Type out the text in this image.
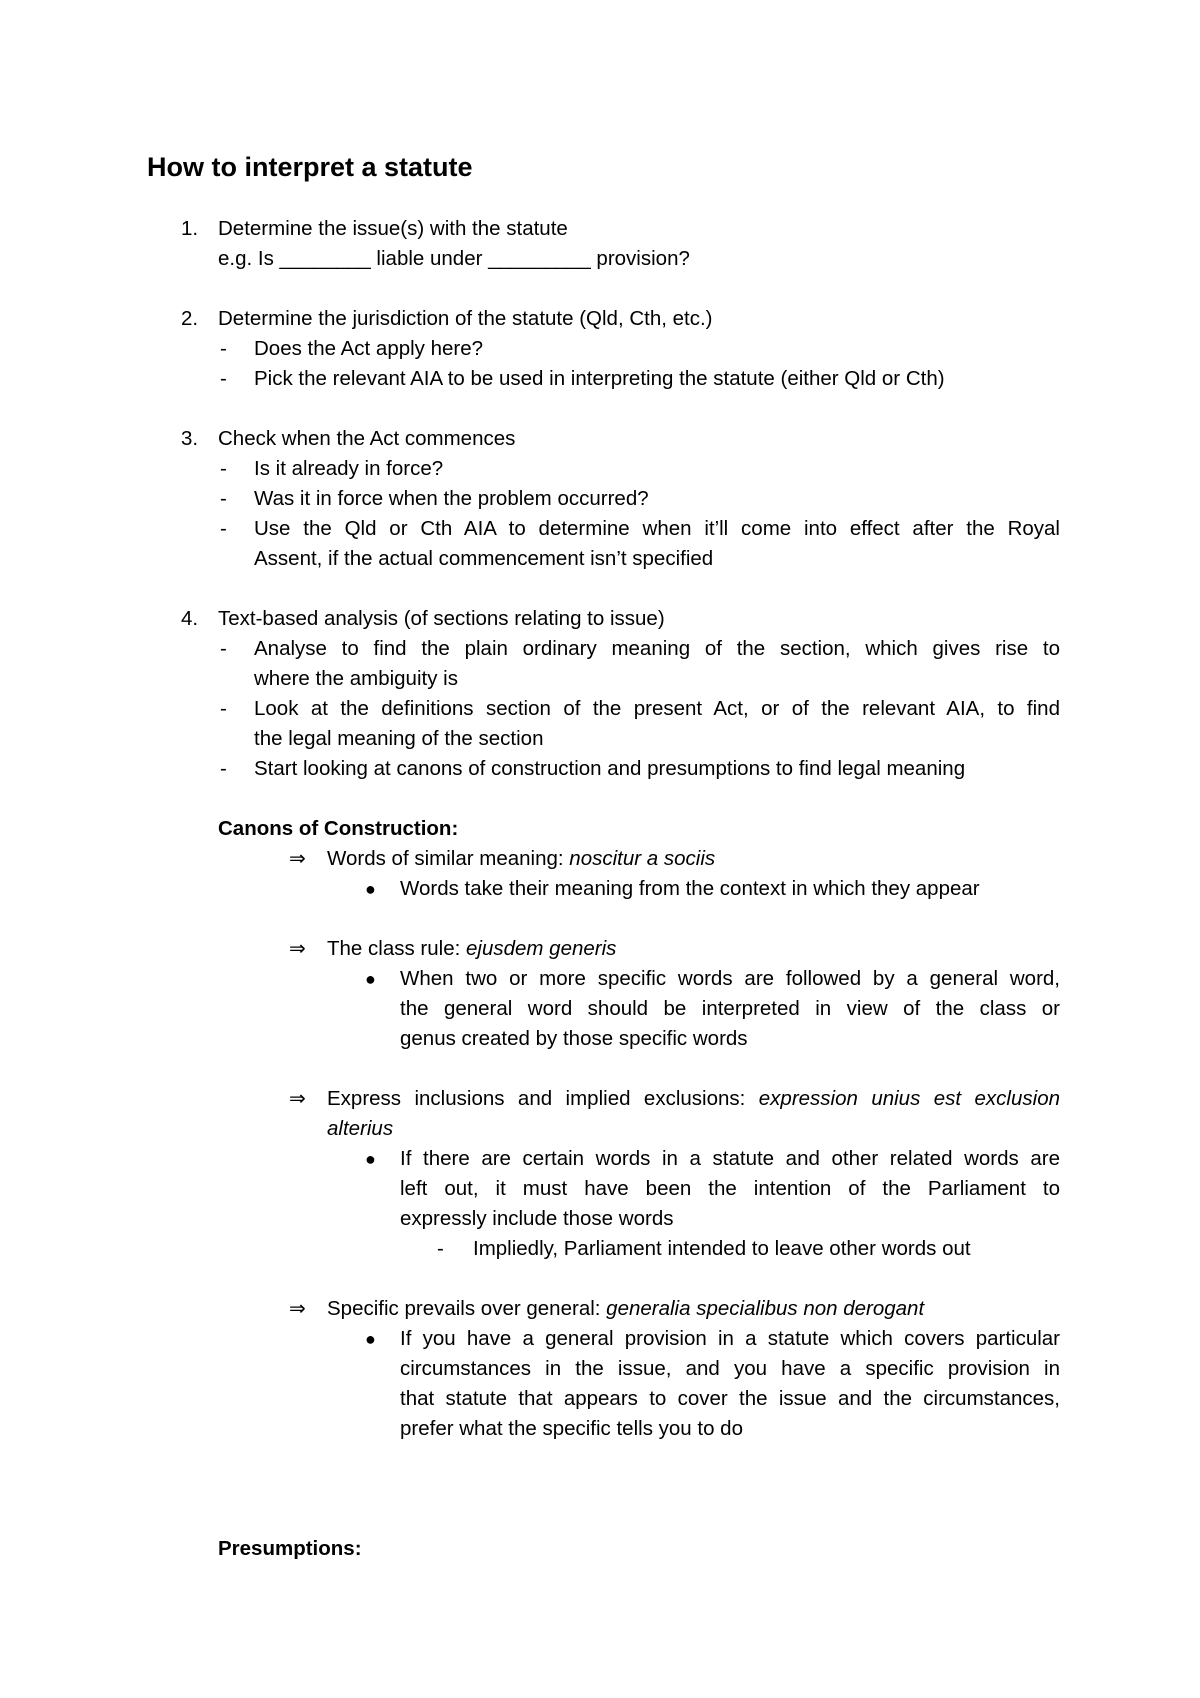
How to interpret a statute
1. Determine the issue(s) with the statute
e.g. Is ________ liable under _________ provision?
2. Determine the jurisdiction of the statute (Qld, Cth, etc.)
- Does the Act apply here?
- Pick the relevant AIA to be used in interpreting the statute (either Qld or Cth)
3. Check when the Act commences
- Is it already in force?
- Was it in force when the problem occurred?
- Use the Qld or Cth AIA to determine when it’ll come into effect after the Royal
Assent, if the actual commencement isn’t specified
4. Text-based analysis (of sections relating to issue)
- Analyse to find the plain ordinary meaning of the section, which gives rise to
where the ambiguity is
- Look at the definitions section of the present Act, or of the relevant AIA, to find
the legal meaning of the section
- Start looking at canons of construction and presumptions to find legal meaning
Canons of Construction:
⇒ Words of similar meaning: noscitur a sociis
● Words take their meaning from the context in which they appear
⇒ The class rule: ejusdem generis
● When two or more specific words are followed by a general word,
the general word should be interpreted in view of the class or
genus created by those specific words
⇒ Express inclusions and implied exclusions: expression unius est exclusion
alterius
● If there are certain words in a statute and other related words are
left out, it must have been the intention of the Parliament to
expressly include those words
- Impliedly, Parliament intended to leave other words out
⇒ Specific prevails over general: generalia specialibus non derogant
● If you have a general provision in a statute which covers particular
circumstances in the issue, and you have a specific provision in
that statute that appears to cover the issue and the circumstances,
prefer what the specific tells you to do
Presumptions:
